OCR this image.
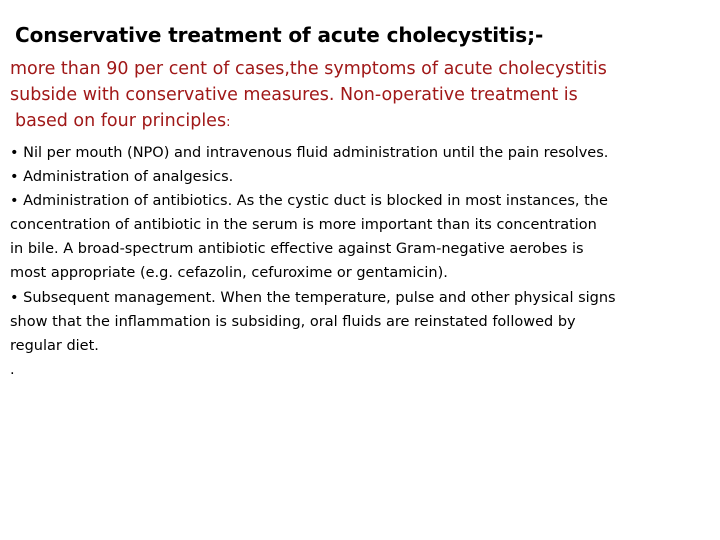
Conservative treatment of acute cholecystitis;-
more than 90 per cent of cases,the symptoms of acute cholecystitis
subside with conservative measures. Non-operative treatment is
based on four principles:
• Nil per mouth (NPO) and intravenous fluid administration until the pain resolves.
• Administration of analgesics.
• Administration of antibiotics. As the cystic duct is blocked in most instances, the
concentration of antibiotic in the serum is more important than its concentration
in bile. A broad-spectrum antibiotic effective against Gram-negative aerobes is
most appropriate (e.g. cefazolin, cefuroxime or gentamicin).
• Subsequent management. When the temperature, pulse and other physical signs
show that the inflammation is subsiding, oral fluids are reinstated followed by
regular diet.
.
